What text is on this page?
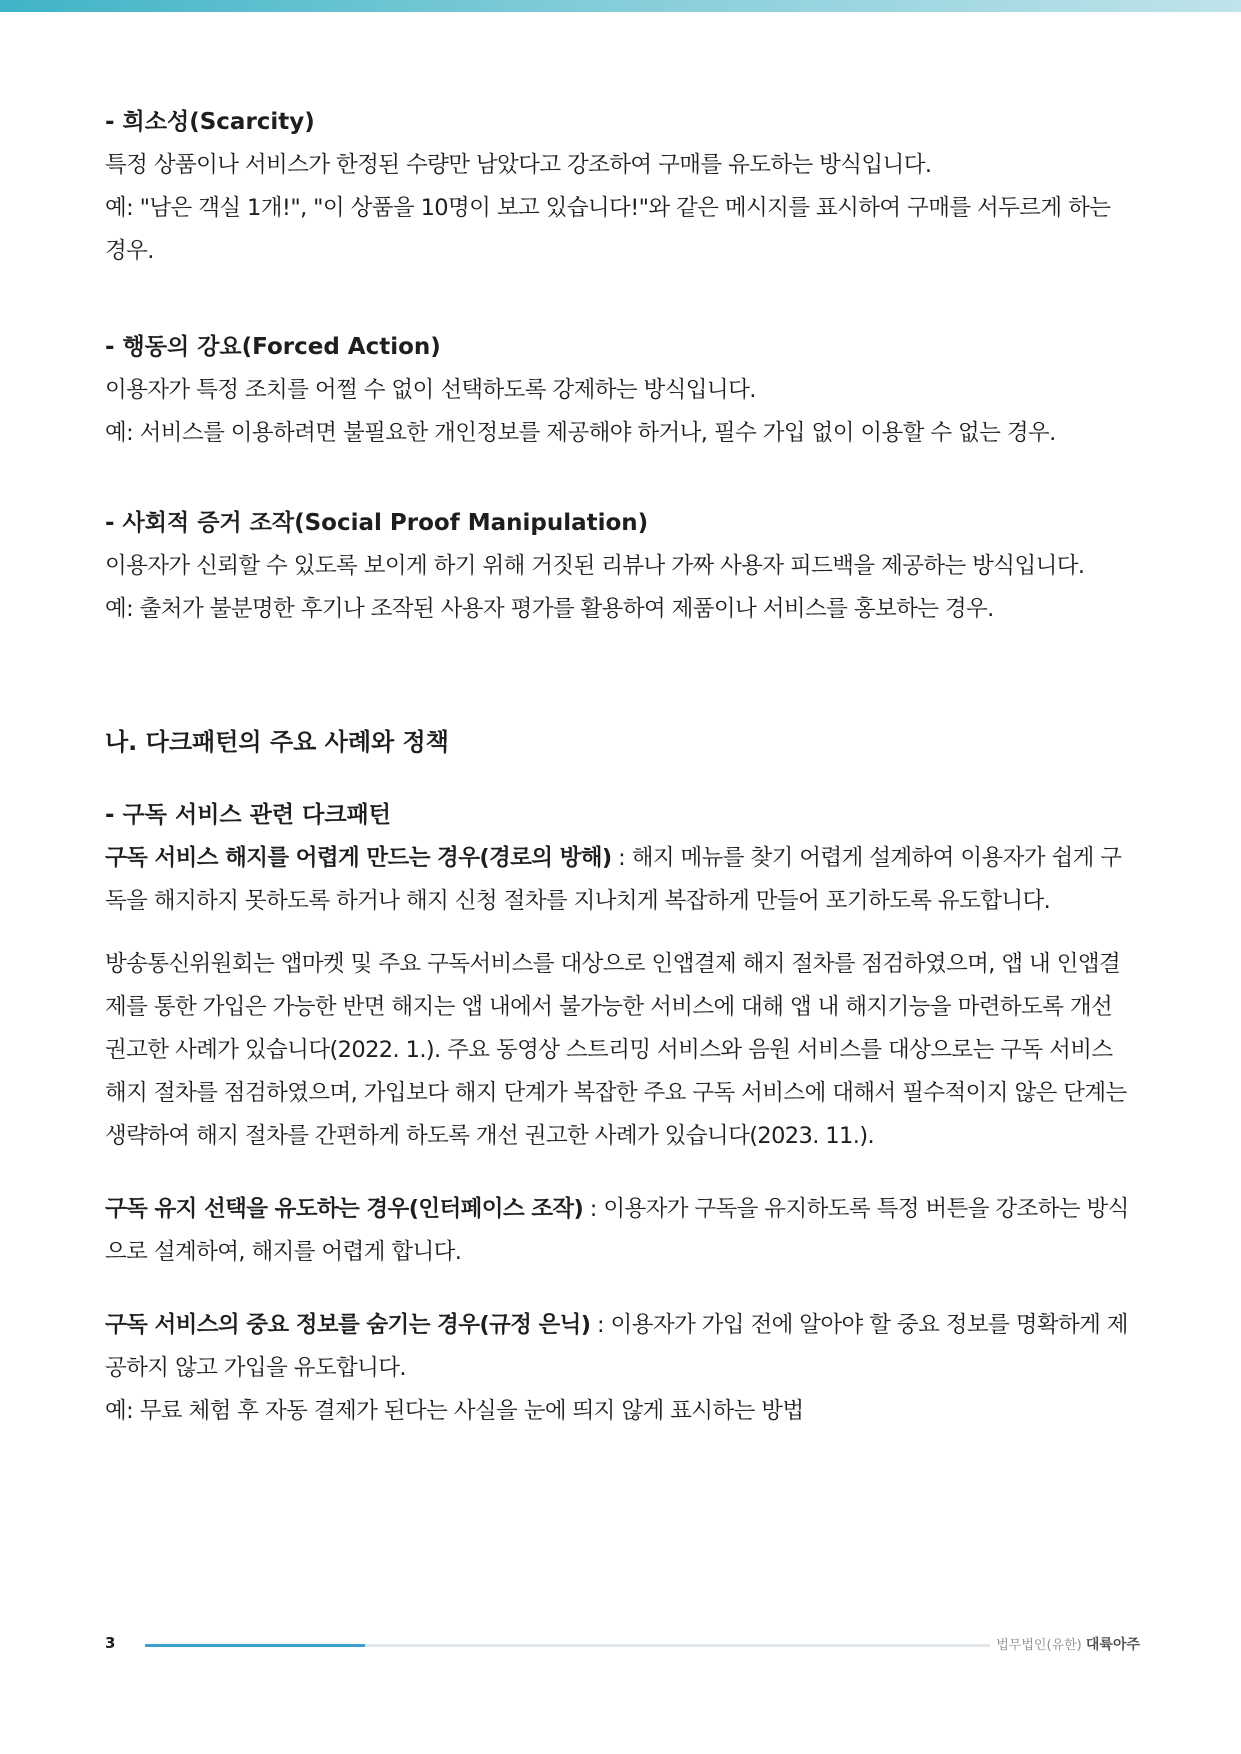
- 희소성(Scarcity)

특정 상품이나 서비스가 한정된 수량만 남았다고 강조하여 구매를 유도하는 방식입니다.

예: "남은 객실 1개!", "이 상품을 10명이 보고 있습니다!"와 같은 메시지를 표시하여 구매를 서두르게 하는 경우.

- 행동의 강요(Forced Action)

이용자가 특정 조치를 어쩔 수 없이 선택하도록 강제하는 방식입니다.

예: 서비스를 이용하려면 불필요한 개인정보를 제공해야 하거나, 필수 가입 없이 이용할 수 없는 경우.

- 사회적 증거 조작(Social Proof Manipulation)

이용자가 신뢰할 수 있도록 보이게 하기 위해 거짓된 리뷰나 가짜 사용자 피드백을 제공하는 방식입니다.

예: 출처가 불분명한 후기나 조작된 사용자 평가를 활용하여 제품이나 서비스를 홍보하는 경우.

나. 다크패턴의 주요 사례와 정책
- 구독 서비스 관련 다크패턴

구독 서비스 해지를 어렵게 만드는 경우(경로의 방해) : 해지 메뉴를 찾기 어렵게 설계하여 이용자가 쉽게 구독을 해지하지 못하도록 하거나 해지 신청 절차를 지나치게 복잡하게 만들어 포기하도록 유도합니다.

방송통신위원회는 앱마켓 및 주요 구독서비스를 대상으로 인앱결제 해지 절차를 점검하였으며, 앱 내 인앱결제를 통한 가입은 가능한 반면 해지는 앱 내에서 불가능한 서비스에 대해 앱 내 해지기능을 마련하도록 개선 권고한 사례가 있습니다(2022. 1.). 주요 동영상 스트리밍 서비스와 음원 서비스를 대상으로는 구독 서비스 해지 절차를 점검하였으며, 가입보다 해지 단계가 복잡한 주요 구독 서비스에 대해서 필수적이지 않은 단계는 생략하여 해지 절차를 간편하게 하도록 개선 권고한 사례가 있습니다(2023. 11.).

구독 유지 선택을 유도하는 경우(인터페이스 조작) : 이용자가 구독을 유지하도록 특정 버튼을 강조하는 방식으로 설계하여, 해지를 어렵게 합니다.

구독 서비스의 중요 정보를 숨기는 경우(규정 은닉) : 이용자가 가입 전에 알아야 할 중요 정보를 명확하게 제공하지 않고 가입을 유도합니다.

예: 무료 체험 후 자동 결제가 된다는 사실을 눈에 띄지 않게 표시하는 방법

3	법무법인(유한) 대륙아주
